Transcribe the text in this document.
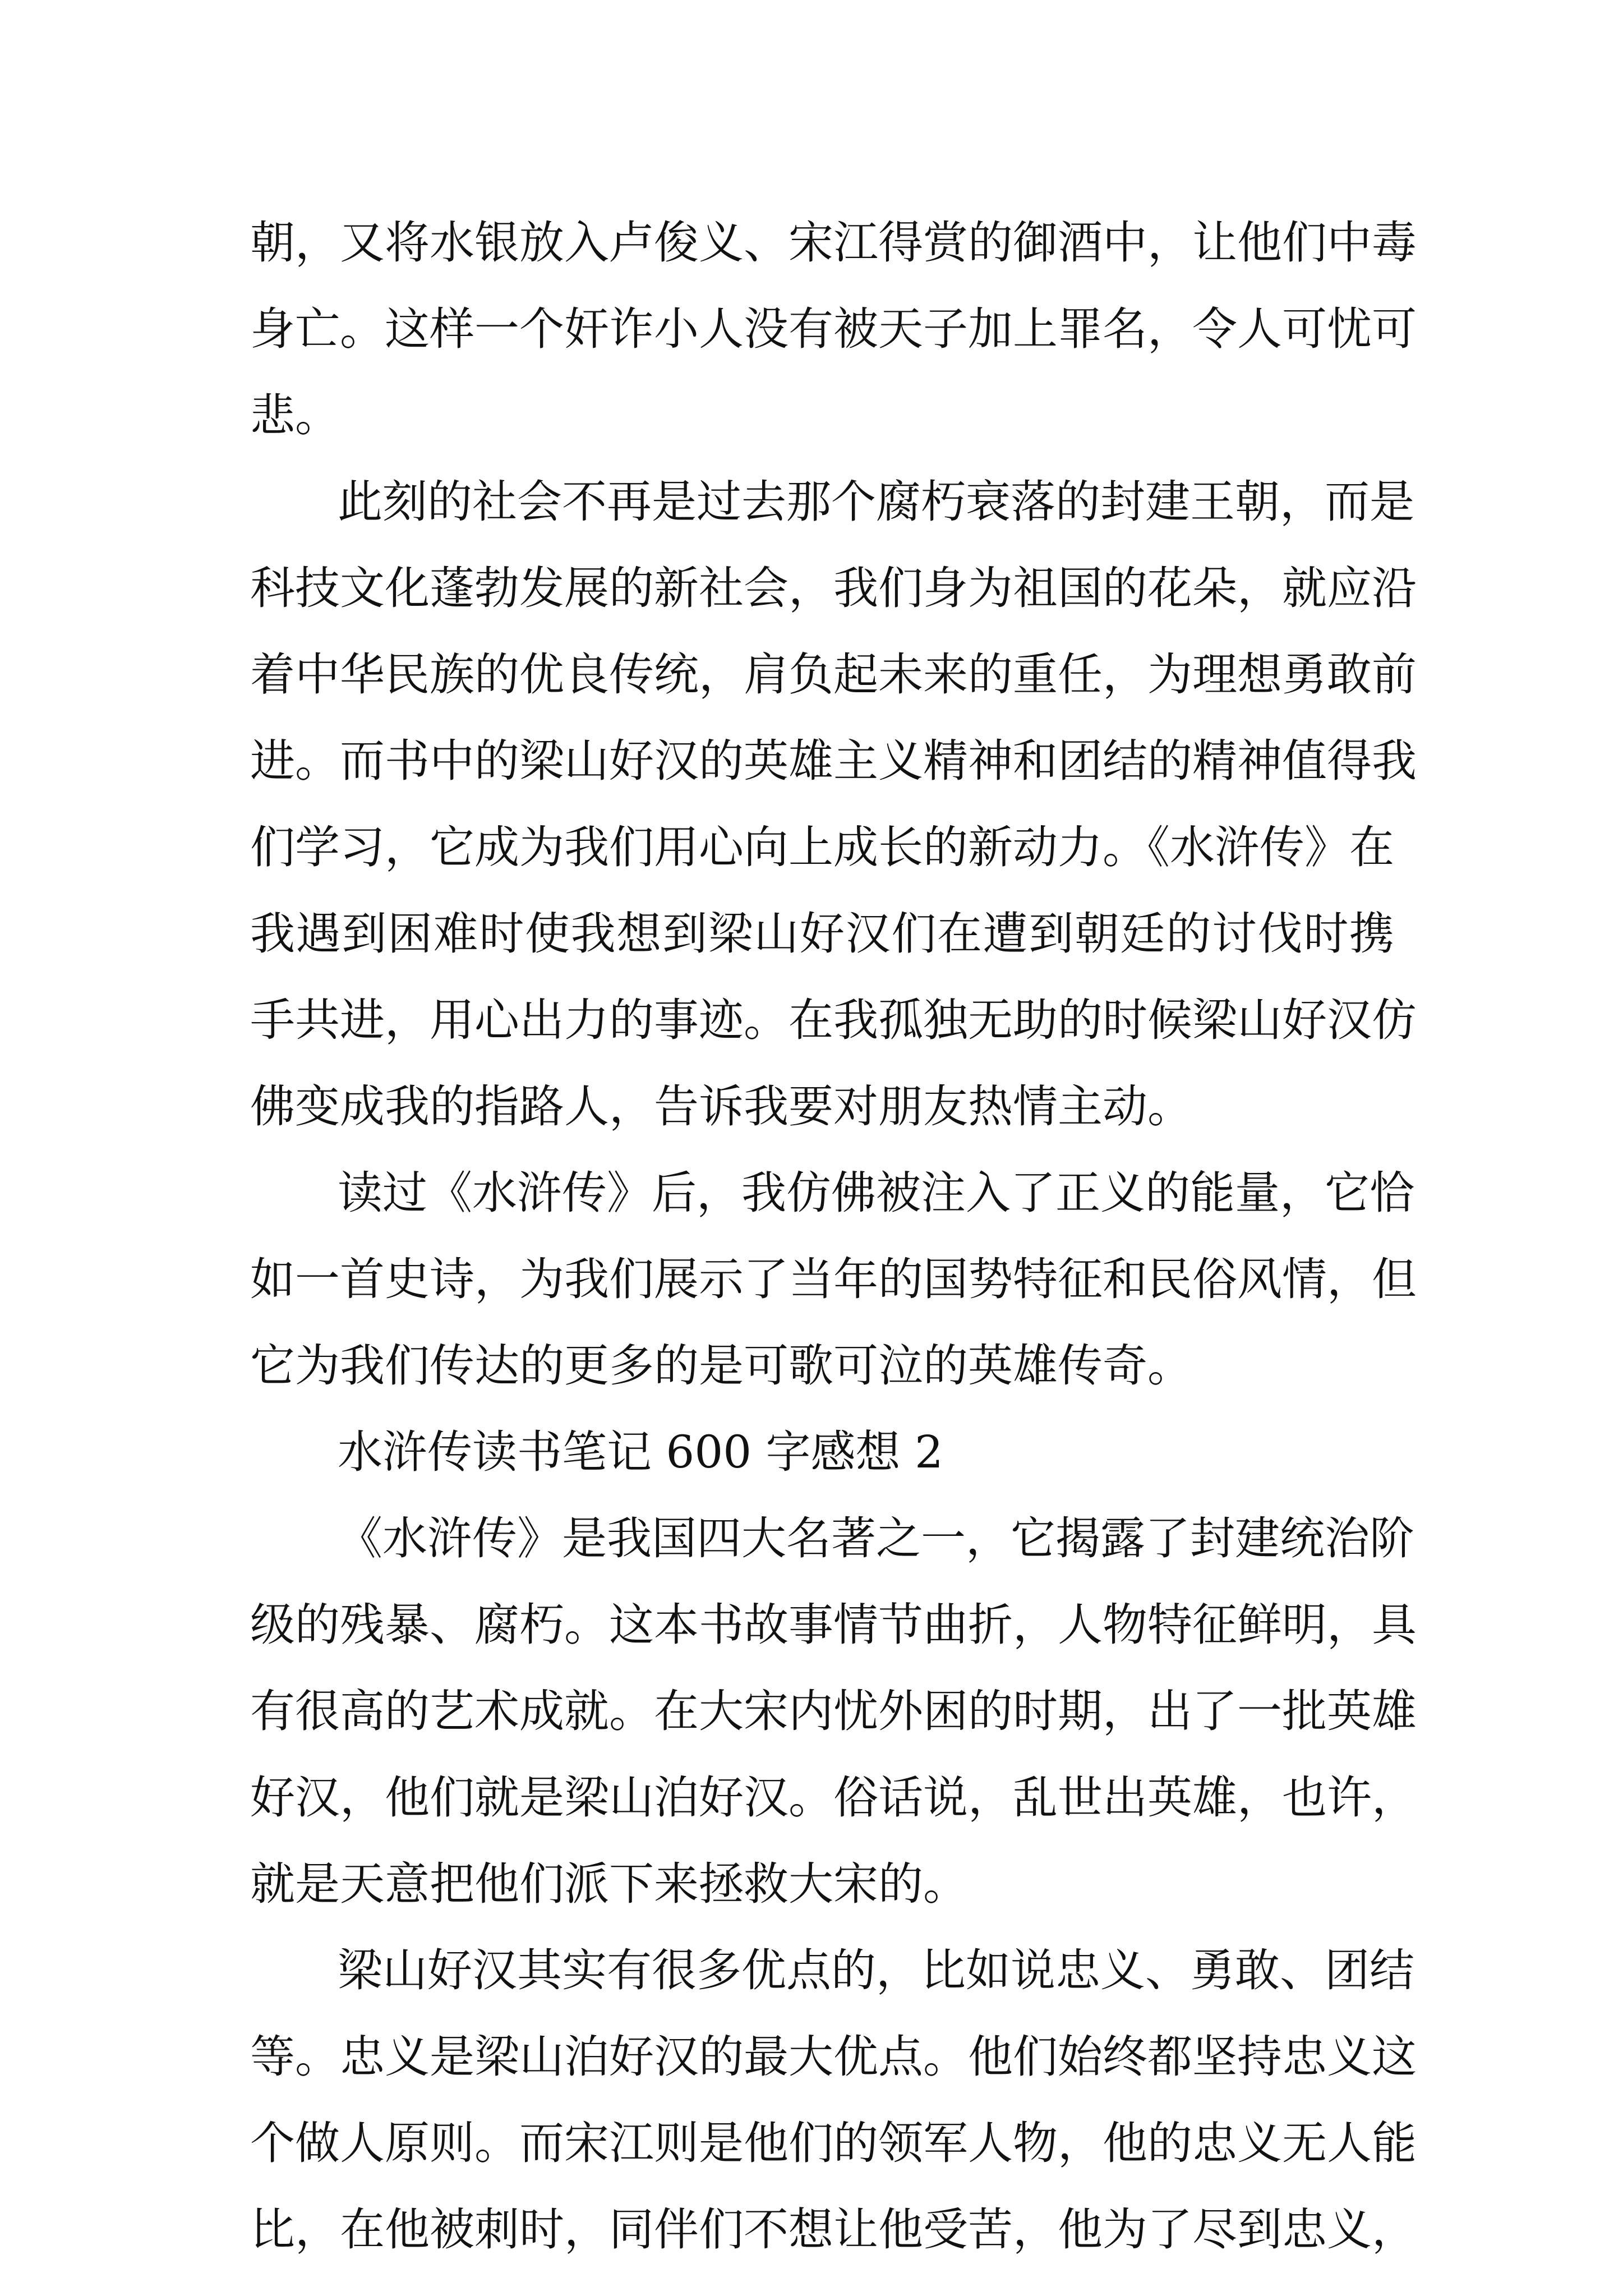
朝，又将水银放入卢俊义、宋江得赏的御酒中，让他们中毒
身亡。这样一个奸诈小人没有被天子加上罪名，令人可忧可
悲。
此刻的社会不再是过去那个腐朽衰落的封建王朝，而是
科技文化蓬勃发展的新社会，我们身为祖国的花朵，就应沿
着中华民族的优良传统，肩负起未来的重任，为理想勇敢前
进。而书中的梁山好汉的英雄主义精神和团结的精神值得我
们学习，它成为我们用心向上成长的新动力。《水浒传》在
我遇到困难时使我想到梁山好汉们在遭到朝廷的讨伐时携
手共进，用心出力的事迹。在我孤独无助的时候梁山好汉仿
佛变成我的指路人，告诉我要对朋友热情主动。
读过《水浒传》后，我仿佛被注入了正义的能量，它恰
如一首史诗，为我们展示了当年的国势特征和民俗风情，但
它为我们传达的更多的是可歌可泣的英雄传奇。
水浒传读书笔记 600 字感想 2
《水浒传》是我国四大名著之一，它揭露了封建统治阶
级的残暴、腐朽。这本书故事情节曲折，人物特征鲜明，具
有很高的艺术成就。在大宋内忧外困的时期，出了一批英雄
好汉，他们就是梁山泊好汉。俗话说，乱世出英雄，也许，
就是天意把他们派下来拯救大宋的。
梁山好汉其实有很多优点的，比如说忠义、勇敢、团结
等。忠义是梁山泊好汉的最大优点。他们始终都坚持忠义这
个做人原则。而宋江则是他们的领军人物，他的忠义无人能
比，在他被刺时，同伴们不想让他受苦，他为了尽到忠义，
